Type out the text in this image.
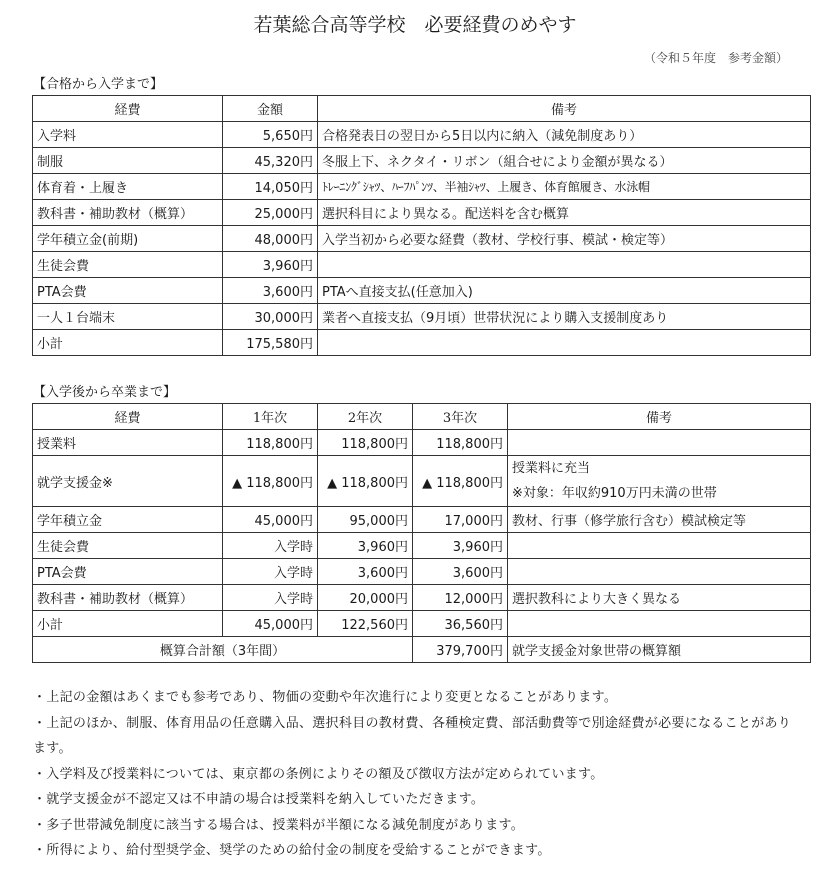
若葉総合高等学校　必要経費のめやす
（令和５年度　参考金額）
【合格から入学まで】
経費	金額	備考
入学料	5,650円	合格発表日の翌日から5日以内に納入（減免制度あり）
制服	45,320円	冬服上下、ネクタイ・リボン（組合せにより金額が異なる）
体育着・上履き	14,050円	ﾄﾚｰﾆﾝｸﾞｼｬﾂ、ﾊｰﾌﾊﾟﾝﾂ、半袖ｼｬﾂ、上履き、体育館履き、水泳帽
教科書・補助教材（概算）	25,000円	選択科目により異なる。配送料を含む概算
学年積立金(前期)	48,000円	入学当初から必要な経費（教材、学校行事、模試・検定等）
生徒会費	3,960円	
PTA会費	3,600円	PTAへ直接支払(任意加入)
一人１台端末	30,000円	業者へ直接支払（9月頃）世帯状況により購入支援制度あり
小計	175,580円	
【入学後から卒業まで】
経費	1年次	2年次	3年次	備考
授業料	118,800円	118,800円	118,800円	
就学支援金※	▲ 118,800円	▲ 118,800円	▲ 118,800円	授業料に充当
※対象：年収約910万円未満の世帯

学年積立金	45,000円	95,000円	17,000円	教材、行事（修学旅行含む）模試検定等
生徒会費	入学時	3,960円	3,960円	
PTA会費	入学時	3,600円	3,600円	
教科書・補助教材（概算）	入学時	20,000円	12,000円	選択教科により大きく異なる
小計	45,000円	122,560円	36,560円	
概算合計額（3年間）			379,700円	就学支援金対象世帯の概算額
・上記の金額はあくまでも参考であり、物価の変動や年次進行により変更となることがあります。
・上記のほか、制服、体育用品の任意購入品、選択科目の教材費、各種検定費、部活動費等で別途経費が必要になることがあります。
・入学料及び授業料については、東京都の条例によりその額及び徴収方法が定められています。
・就学支援金が不認定又は不申請の場合は授業料を納入していただきます。
・多子世帯減免制度に該当する場合は、授業料が半額になる減免制度があります。
・所得により、給付型奨学金、奨学のための給付金の制度を受給することができます。
